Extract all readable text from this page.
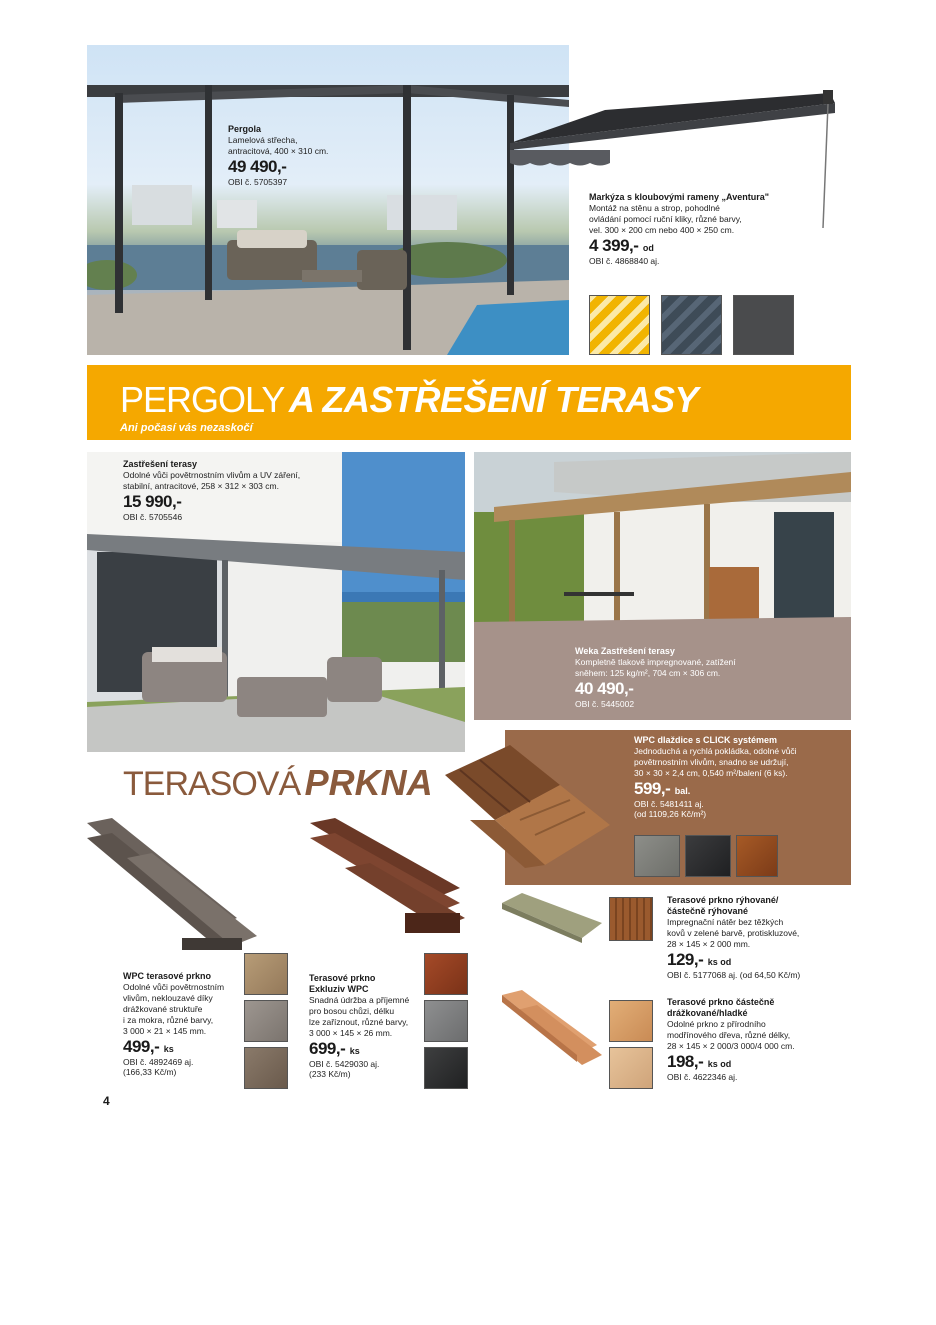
Pergola
Lamelová střecha,
antracitová, 400 × 310 cm.
49 490,-
OBI č. 5705397
Markýza s kloubovými rameny „Aventura"
Montáž na stěnu a strop, pohodlné
ovládání pomocí ruční kliky, různé barvy,
vel. 300 × 200 cm nebo 400 × 250 cm.
4 399,- od
OBI č. 4868840 aj.
PERGOLY A ZASTŘEŠENÍ TERASY
Ani počasí vás nezaskočí
Zastřešení terasy
Odolné vůči povětrnostním vlivům a UV záření,
stabilní, antracitové, 258 × 312 × 303 cm.
15 990,-
OBI č. 5705546
Weka Zastřešení terasy
Kompletně tlakově impregnované, zatížení
sněhem: 125 kg/m², 704 cm × 306 cm.
40 490,-
OBI č. 5445002
TERASOVÁ PRKNA
WPC dlaždice s CLICK systémem
Jednoduchá a rychlá pokládka, odolné vůči
povětrnostním vlivům, snadno se udržují,
30 × 30 × 2,4 cm, 0,540 m²/balení (6 ks).
599,- bal.
OBI č. 5481411 aj.
(od 1109,26 Kč/m²)
WPC terasové prkno
Odolné vůči povětrnostním
vlivům, neklouzavé díky
drážkované struktuře
i za mokra, různé barvy,
3 000 × 21 × 145 mm.
499,- ks
OBI č. 4892469 aj.
(166,33 Kč/m)
Terasové prkno
Exkluziv WPC
Snadná údržba a příjemné
pro bosou chůzi, délku
lze zaříznout, různé barvy,
3 000 × 145 × 26 mm.
699,- ks
OBI č. 5429030 aj.
(233 Kč/m)
Terasové prkno rýhované/
částečně rýhované
Impregnační nátěr bez těžkých
kovů v zelené barvě, protiskluzové,
28 × 145 × 2 000 mm.
129,- ks od
OBI č. 5177068 aj. (od 64,50 Kč/m)
Terasové prkno částečně
drážkované/hladké
Odolné prkno z přírodního
modřínového dřeva, různé délky,
28 × 145 × 2 000/3 000/4 000 cm.
198,- ks od
OBI č. 4622346 aj.
4
